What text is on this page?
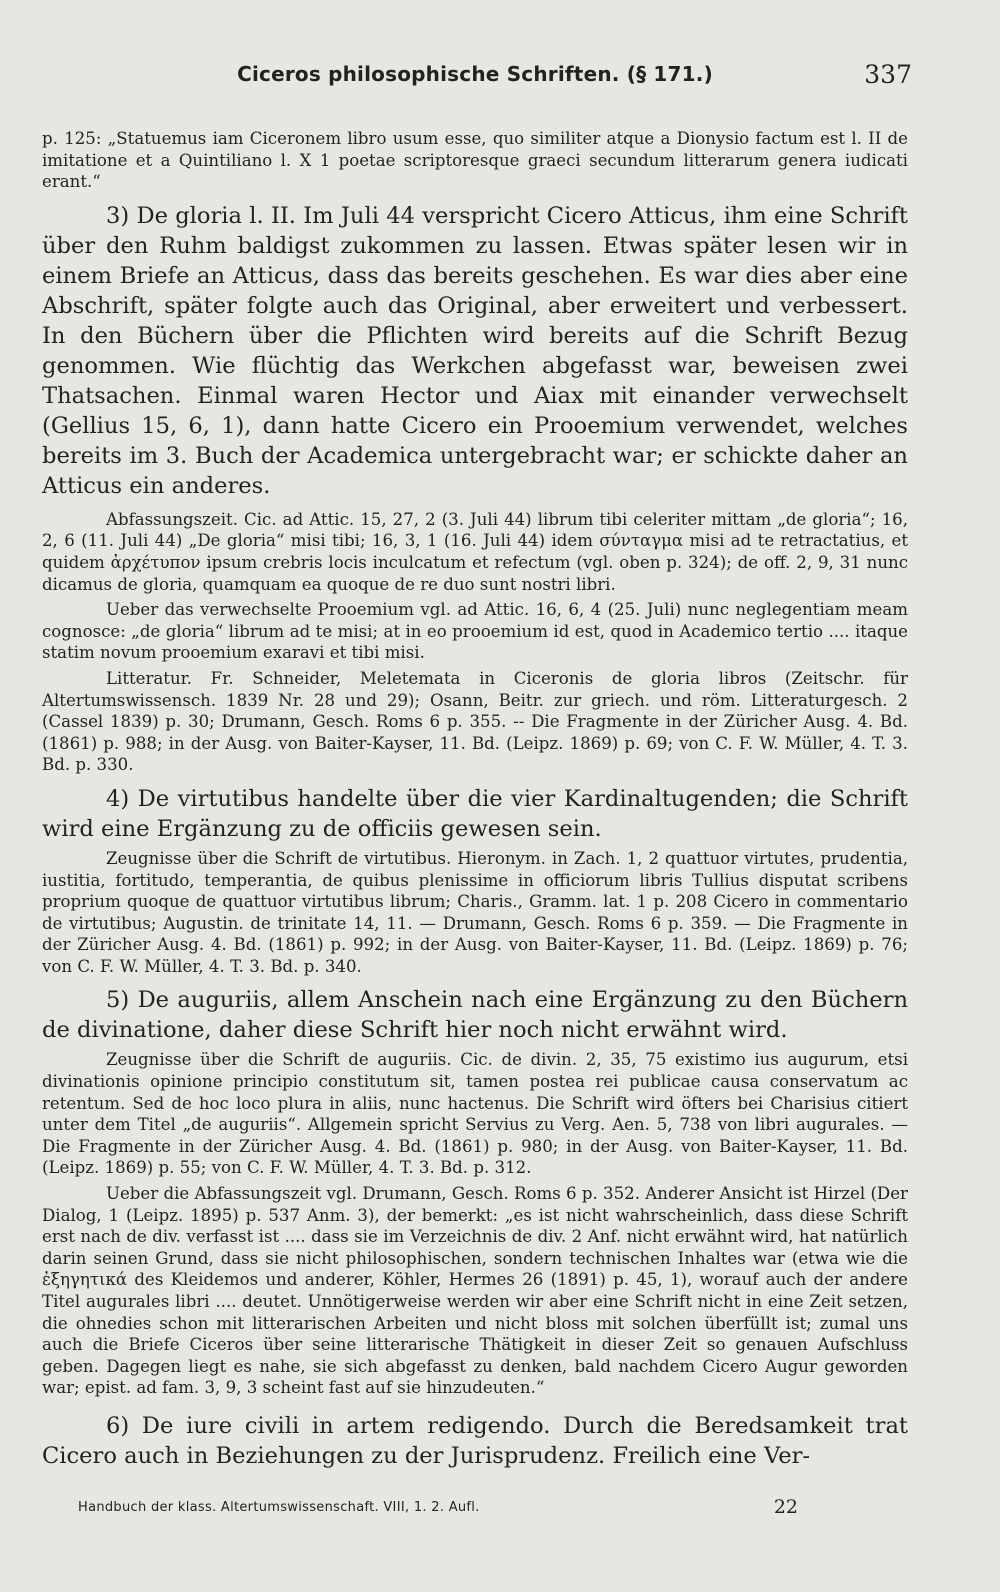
Ciceros philosophische Schriften. (§ 171.)	337

p. 125: „Statuemus iam Ciceronem libro usum esse, quo similiter atque a Dionysio factum est l. II de imitatione et a Quintiliano l. X 1 poetae scriptoresque graeci secundum litterarum genera iudicati erant.“

3) De gloria l. II. Im Juli 44 verspricht Cicero Atticus, ihm eine Schrift über den Ruhm baldigst zukommen zu lassen. Etwas später lesen wir in einem Briefe an Atticus, dass das bereits geschehen. Es war dies aber eine Abschrift, später folgte auch das Original, aber erweitert und verbessert. In den Büchern über die Pflichten wird bereits auf die Schrift Bezug genommen. Wie flüchtig das Werkchen abgefasst war, beweisen zwei Thatsachen. Einmal waren Hector und Aiax mit einander verwechselt (Gellius 15, 6, 1), dann hatte Cicero ein Prooemium verwendet, welches bereits im 3. Buch der Academica untergebracht war; er schickte daher an Atticus ein anderes.

Abfassungszeit. Cic. ad Attic. 15, 27, 2 (3. Juli 44) librum tibi celeriter mittam „de gloria“; 16, 2, 6 (11. Juli 44) „De gloria“ misi tibi; 16, 3, 1 (16. Juli 44) idem σύνταγμα misi ad te retractatius, et quidem ἀρχέτυπον ipsum crebris locis inculcatum et refectum (vgl. oben p. 324); de off. 2, 9, 31 nunc dicamus de gloria, quamquam ea quoque de re duo sunt nostri libri.

Ueber das verwechselte Prooemium vgl. ad Attic. 16, 6, 4 (25. Juli) nunc neglegentiam meam cognosce: „de gloria“ librum ad te misi; at in eo prooemium id est, quod in Academico tertio .... itaque statim novum prooemium exaravi et tibi misi.

Litteratur. Fr. Schneider, Meletemata in Ciceronis de gloria libros (Zeitschr. für Altertumswissensch. 1839 Nr. 28 und 29); Osann, Beitr. zur griech. und röm. Litteraturgesch. 2 (Cassel 1839) p. 30; Drumann, Gesch. Roms 6 p. 355. -- Die Fragmente in der Züricher Ausg. 4. Bd. (1861) p. 988; in der Ausg. von Baiter-Kayser, 11. Bd. (Leipz. 1869) p. 69; von C. F. W. Müller, 4. T. 3. Bd. p. 330.

4) De virtutibus handelte über die vier Kardinaltugenden; die Schrift wird eine Ergänzung zu de officiis gewesen sein.

Zeugnisse über die Schrift de virtutibus. Hieronym. in Zach. 1, 2 quattuor virtutes, prudentia, iustitia, fortitudo, temperantia, de quibus plenissime in officiorum libris Tullius disputat scribens proprium quoque de quattuor virtutibus librum; Charis., Gramm. lat. 1 p. 208 Cicero in commentario de virtutibus; Augustin. de trinitate 14, 11. — Drumann, Gesch. Roms 6 p. 359. — Die Fragmente in der Züricher Ausg. 4. Bd. (1861) p. 992; in der Ausg. von Baiter-Kayser, 11. Bd. (Leipz. 1869) p. 76; von C. F. W. Müller, 4. T. 3. Bd. p. 340.

5) De auguriis, allem Anschein nach eine Ergänzung zu den Büchern de divinatione, daher diese Schrift hier noch nicht erwähnt wird.

Zeugnisse über die Schrift de auguriis. Cic. de divin. 2, 35, 75 existimo ius augurum, etsi divinationis opinione principio constitutum sit, tamen postea rei publicae causa conservatum ac retentum. Sed de hoc loco plura in aliis, nunc hactenus. Die Schrift wird öfters bei Charisius citiert unter dem Titel „de auguriis“. Allgemein spricht Servius zu Verg. Aen. 5, 738 von libri augurales. — Die Fragmente in der Züricher Ausg. 4. Bd. (1861) p. 980; in der Ausg. von Baiter-Kayser, 11. Bd. (Leipz. 1869) p. 55; von C. F. W. Müller, 4. T. 3. Bd. p. 312.

Ueber die Abfassungszeit vgl. Drumann, Gesch. Roms 6 p. 352. Anderer Ansicht ist Hirzel (Der Dialog, 1 (Leipz. 1895) p. 537 Anm. 3), der bemerkt: „es ist nicht wahrscheinlich, dass diese Schrift erst nach de div. verfasst ist .... dass sie im Verzeichnis de div. 2 Anf. nicht erwähnt wird, hat natürlich darin seinen Grund, dass sie nicht philosophischen, sondern technischen Inhaltes war (etwa wie die ἐξηγητικά des Kleidemos und anderer, Köhler, Hermes 26 (1891) p. 45, 1), worauf auch der andere Titel augurales libri .... deutet. Unnötigerweise werden wir aber eine Schrift nicht in eine Zeit setzen, die ohnedies schon mit litterarischen Arbeiten und nicht bloss mit solchen überfüllt ist; zumal uns auch die Briefe Ciceros über seine litterarische Thätigkeit in dieser Zeit so genauen Aufschluss geben. Dagegen liegt es nahe, sie sich abgefasst zu denken, bald nachdem Cicero Augur geworden war; epist. ad fam. 3, 9, 3 scheint fast auf sie hinzudeuten.“

6) De iure civili in artem redigendo. Durch die Beredsamkeit trat Cicero auch in Beziehungen zu der Jurisprudenz. Freilich eine Ver-

Handbuch der klass. Altertumswissenschaft. VIII, 1. 2. Aufl.	22
